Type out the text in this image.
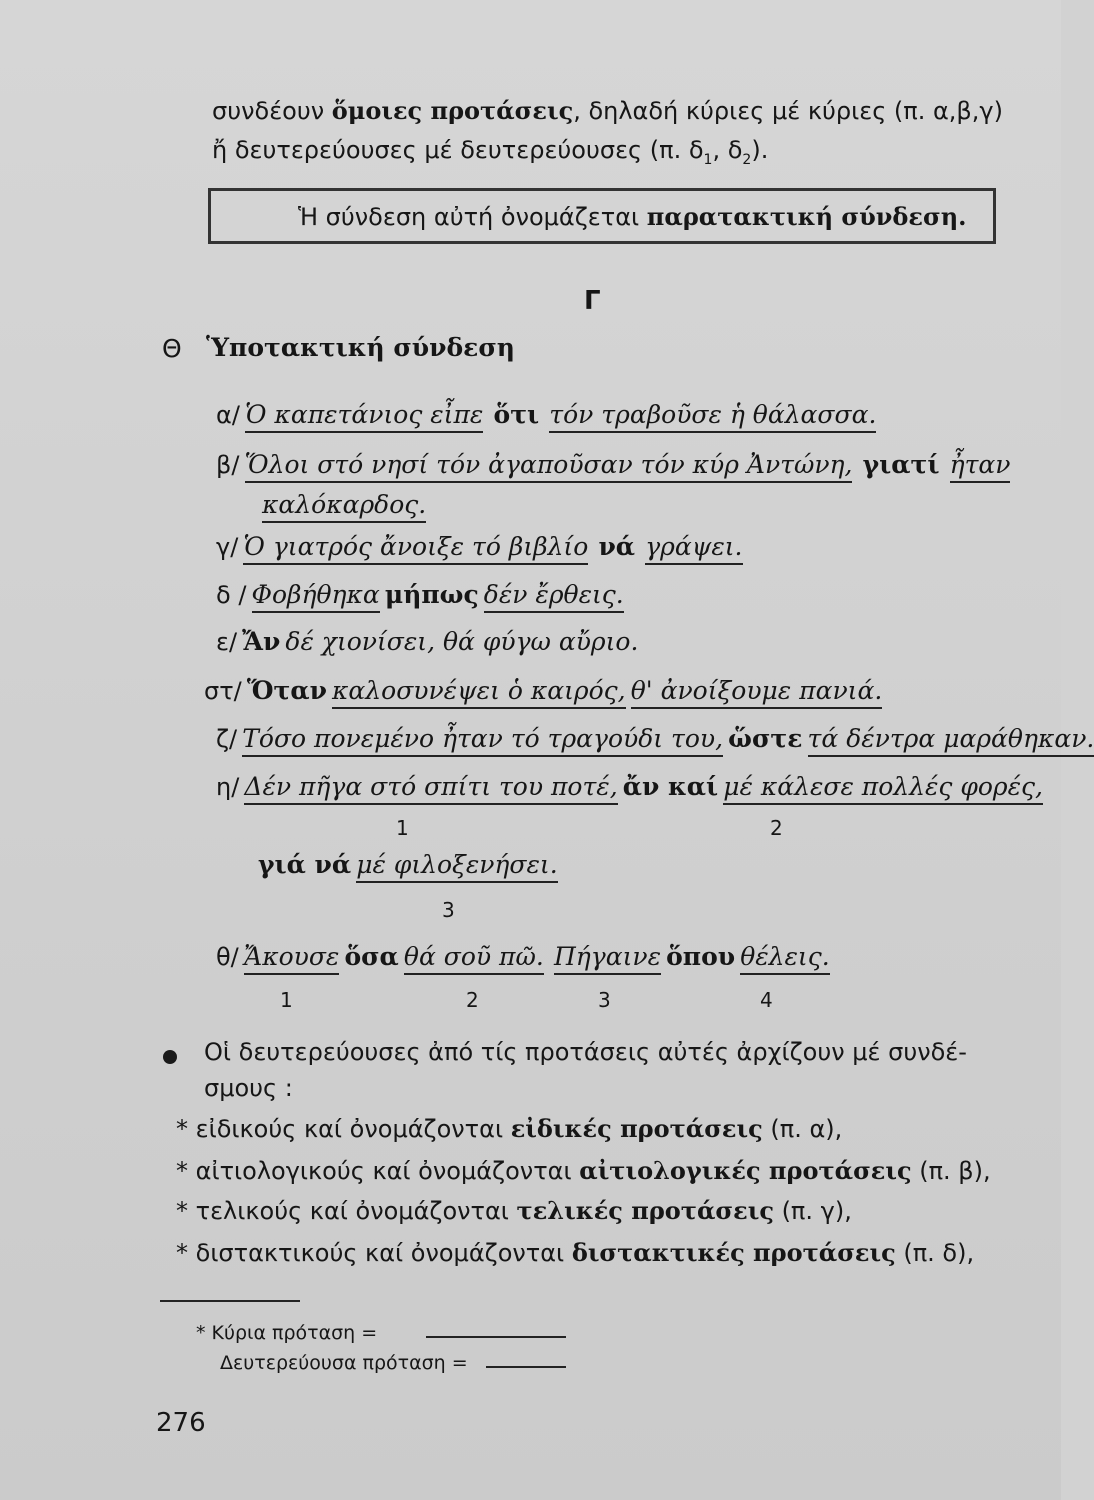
συνδέουν ὅμοιες προτάσεις, δηλαδή κύριες μέ κύριες (π. α,β,γ)
ἤ δευτερεύουσες μέ δευτερεύουσες (π. $\delta_1$, $\delta_2$).
Ἡ σύνδεση αὐτή ὀνομάζεται παρατακτική σύνδεση.
Γ
Θ Ὑποτακτική σύνδεση
α/ Ὁ καπετάνιος εἶπε ὅτι τόν τραβοῦσε ἡ θάλασσα.
β/ Ὅλοι στό νησί τόν ἀγαποῦσαν τόν κύρ Ἀντώνη, γιατί ἦταν
καλόκαρδος.
γ/ Ὁ γιατρός ἄνοιξε τό βιβλίο νά γράψει.
δ / Φοβήθηκα μήπως δέν ἔρθεις.
ε/ Ἄν δέ χιονίσει, θά φύγω αὔριο.
στ/ Ὅταν καλοσυνέψει ὁ καιρός, θ' ἀνοίξουμε πανιά.
ζ/ Τόσο πονεμένο ἦταν τό τραγούδι του, ὥστε τά δέντρα μαράθηκαν.
η/ Δέν πῆγα στό σπίτι του ποτέ, ἄν καί μέ κάλεσε πολλές φορές,
1	2
γιά νά μέ φιλοξενήσει.
3
θ/ Ἄκουσε ὅσα θά σοῦ πῶ. Πήγαινε ὅπου θέλεις.
1	2	3	4
Οἱ δευτερεύουσες ἀπό τίς προτάσεις αὐτές ἀρχίζουν μέ συνδέ-
σμους :
* εἰδικούς καί ὀνομάζονται εἰδικές προτάσεις (π. α),
* αἰτιολογικούς καί ὀνομάζονται αἰτιολογικές προτάσεις (π. β),
* τελικούς καί ὀνομάζονται τελικές προτάσεις (π. γ),
* διστακτικούς καί ὀνομάζονται διστακτικές προτάσεις (π. δ),
* Κύρια πρόταση =
Δευτερεύουσα πρόταση =
276
